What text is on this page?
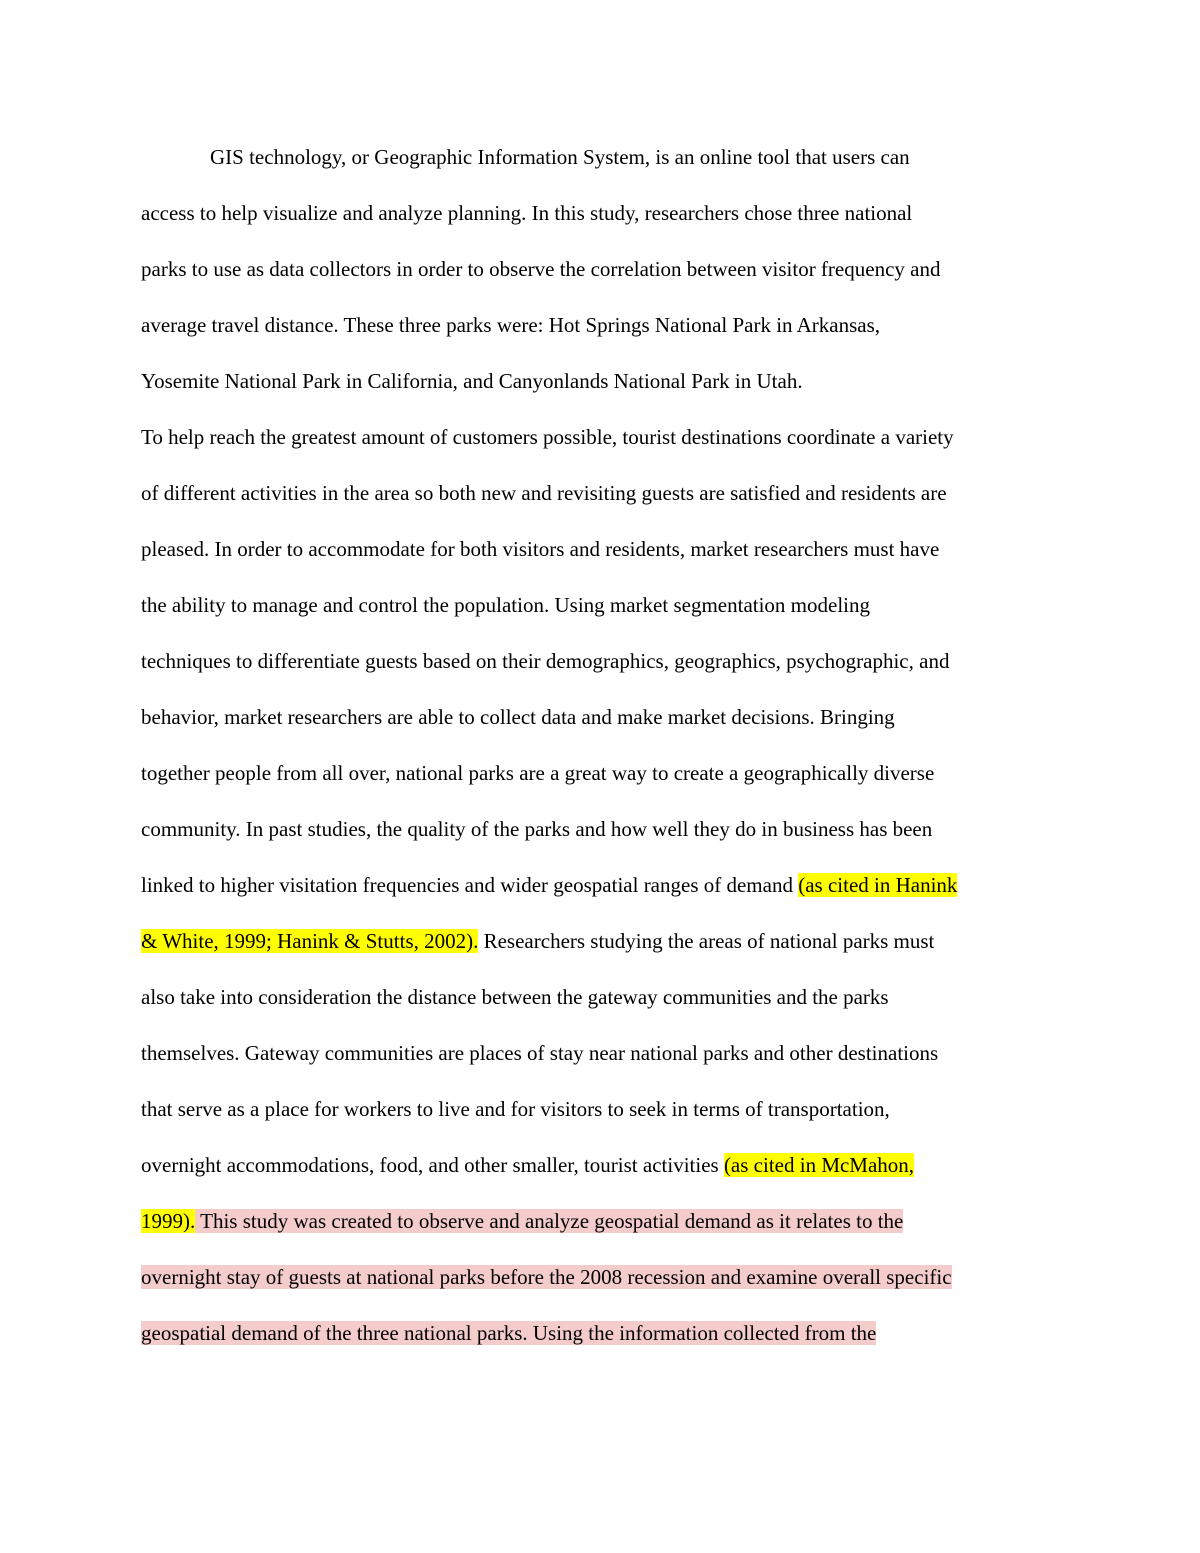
GIS technology, or Geographic Information System, is an online tool that users can
access to help visualize and analyze planning. In this study, researchers chose three national
parks to use as data collectors in order to observe the correlation between visitor frequency and
average travel distance. These three parks were: Hot Springs National Park in Arkansas,
Yosemite National Park in California, and Canyonlands National Park in Utah.
To help reach the greatest amount of customers possible, tourist destinations coordinate a variety
of different activities in the area so both new and revisiting guests are satisfied and residents are
pleased. In order to accommodate for both visitors and residents, market researchers must have
the ability to manage and control the population. Using market segmentation modeling
techniques to differentiate guests based on their demographics, geographics, psychographic, and
behavior, market researchers are able to collect data and make market decisions. Bringing
together people from all over, national parks are a great way to create a geographically diverse
community. In past studies, the quality of the parks and how well they do in business has been
linked to higher visitation frequencies and wider geospatial ranges of demand (as cited in Hanink
& White, 1999; Hanink & Stutts, 2002). Researchers studying the areas of national parks must
also take into consideration the distance between the gateway communities and the parks
themselves. Gateway communities are places of stay near national parks and other destinations
that serve as a place for workers to live and for visitors to seek in terms of transportation,
overnight accommodations, food, and other smaller, tourist activities (as cited in McMahon,
1999). This study was created to observe and analyze geospatial demand as it relates to the
overnight stay of guests at national parks before the 2008 recession and examine overall specific
geospatial demand of the three national parks. Using the information collected from the
